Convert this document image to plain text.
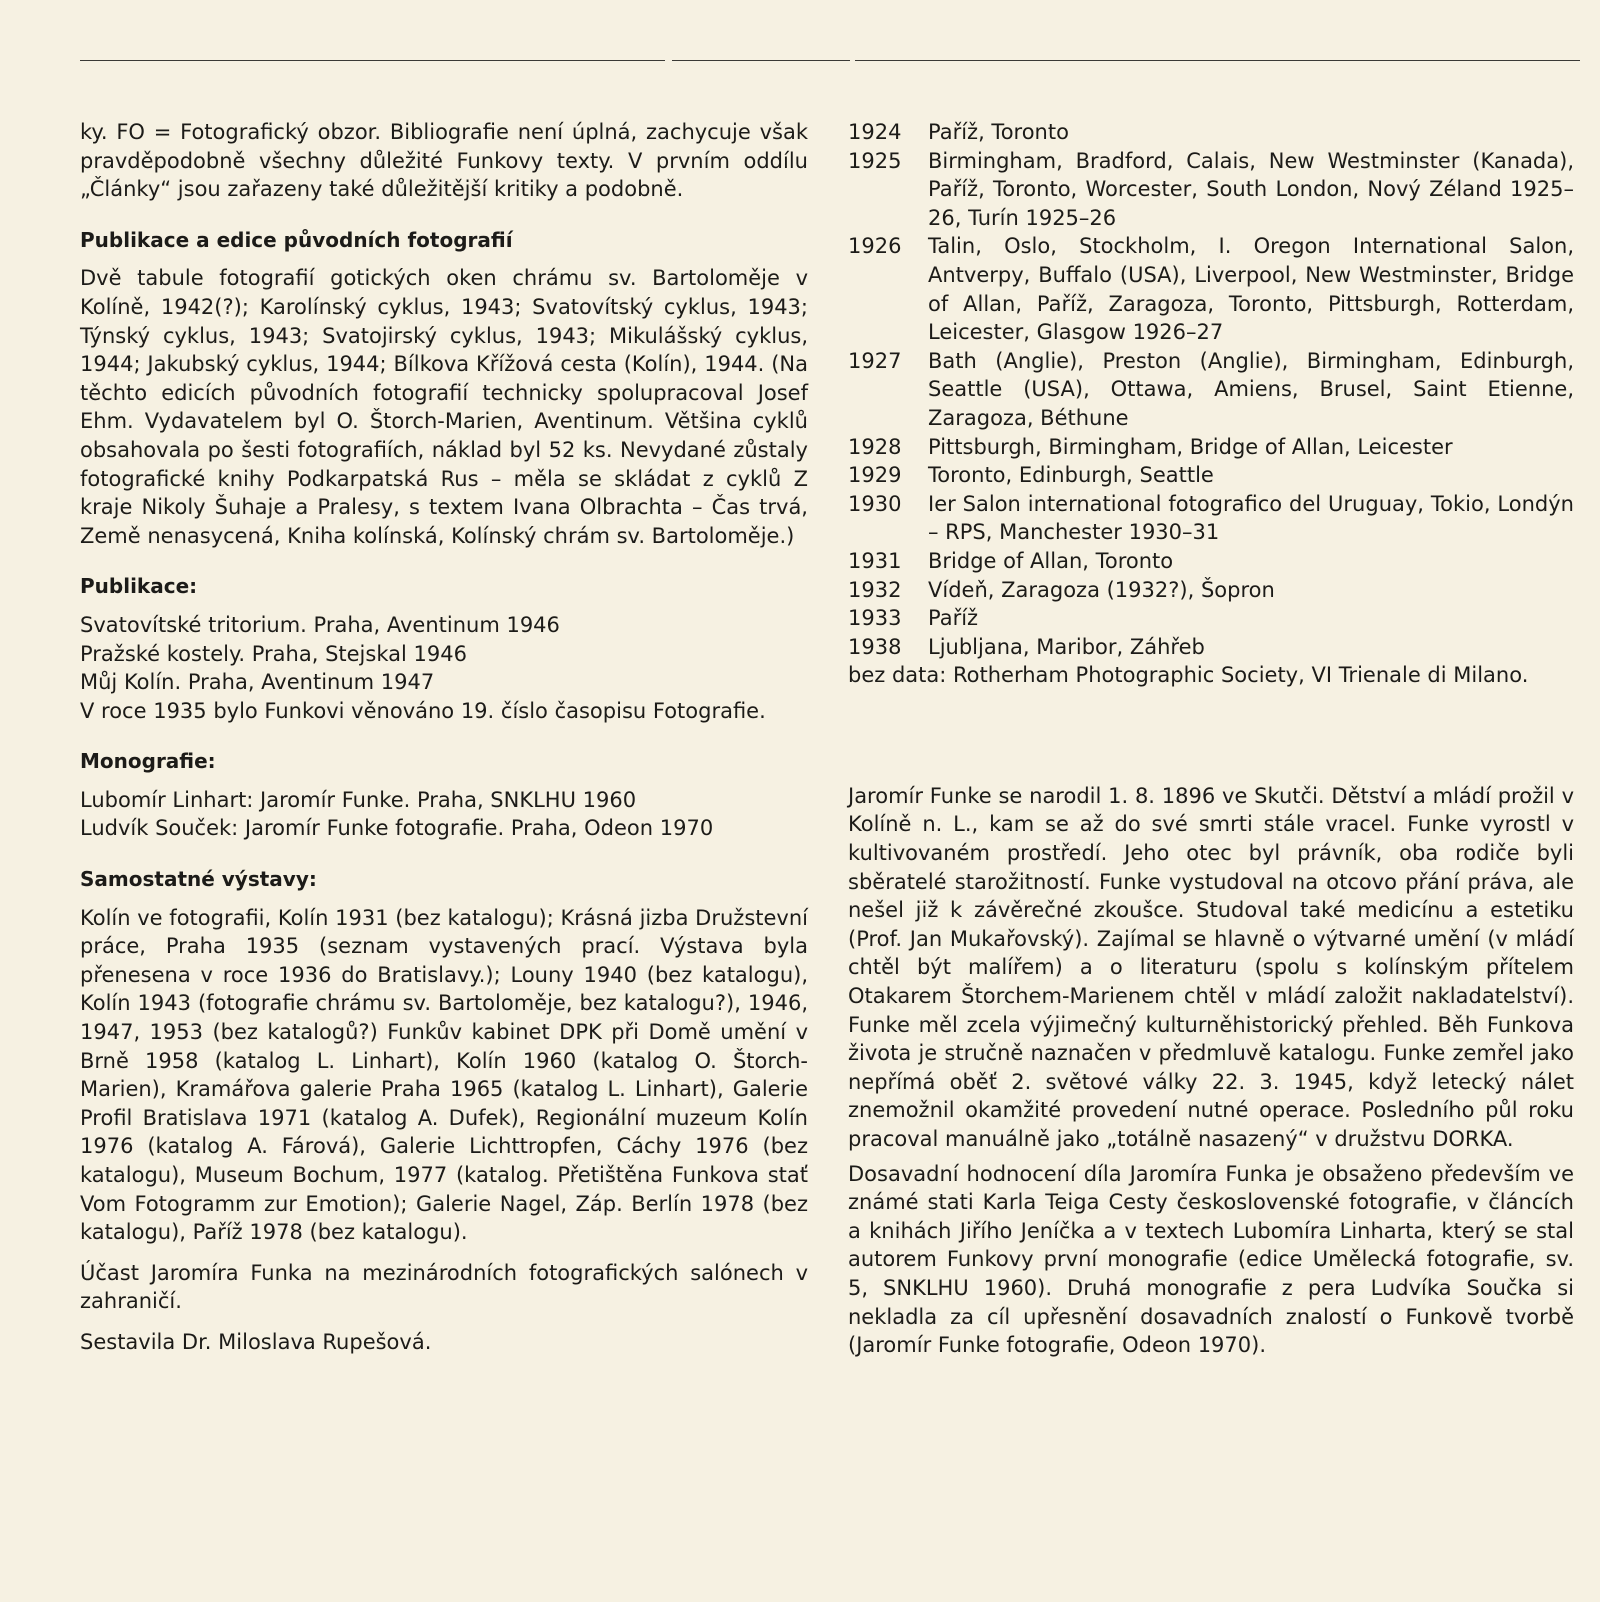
ky. FO = Fotografický obzor. Bibliografie není úplná, zachycuje však pravděpodobně všechny důležité Funkovy texty. V prvním oddílu „Články“ jsou zařazeny také důležitější kritiky a podobně.

Publikace a edice původních fotografií

Dvě tabule fotografií gotických oken chrámu sv. Bartoloměje v Kolíně, 1942(?); Karolínský cyklus, 1943; Svatovítský cyklus, 1943; Týnský cyklus, 1943; Svatojirský cyklus, 1943; Mikulášský cyklus, 1944; Jakubský cyklus, 1944; Bílkova Křížová cesta (Kolín), 1944. (Na těchto edicích původních fotografií technicky spolupracoval Josef Ehm. Vydavatelem byl O. Štorch-Marien, Aventinum. Většina cyklů obsahovala po šesti fotografiích, náklad byl 52 ks. Nevydané zůstaly fotografické knihy Podkarpatská Rus – měla se skládat z cyklů Z kraje Nikoly Šuhaje a Pralesy, s textem Ivana Olbrachta – Čas trvá, Země nenasycená, Kniha kolínská, Kolínský chrám sv. Bartoloměje.)

Publikace:
Svatovítské tritorium. Praha, Aventinum 1946
Pražské kostely. Praha, Stejskal 1946
Můj Kolín. Praha, Aventinum 1947

V roce 1935 bylo Funkovi věnováno 19. číslo časopisu Fotografie.

Monografie:
Lubomír Linhart: Jaromír Funke. Praha, SNKLHU 1960
Ludvík Souček: Jaromír Funke fotografie. Praha, Odeon 1970
Samostatné výstavy:

Kolín ve fotografii, Kolín 1931 (bez katalogu); Krásná jizba Družstevní práce, Praha 1935 (seznam vystavených prací. Výstava byla přenesena v roce 1936 do Bratislavy.); Louny 1940 (bez katalogu), Kolín 1943 (fotografie chrámu sv. Bartoloměje, bez katalogu?), 1946, 1947, 1953 (bez katalogů?) Funkův kabinet DPK při Domě umění v Brně 1958 (katalog L. Linhart), Kolín 1960 (katalog O. Štorch-Marien), Kramářova galerie Praha 1965 (katalog L. Linhart), Galerie Profil Bratislava 1971 (katalog A. Dufek), Regionální muzeum Kolín 1976 (katalog A. Fárová), Galerie Lichttropfen, Cáchy 1976 (bez katalogu), Museum Bochum, 1977 (katalog. Přetištěna Funkova stať Vom Fotogramm zur Emotion); Galerie Nagel, Záp. Berlín 1978 (bez katalogu), Paříž 1978 (bez katalogu).

Účast Jaromíra Funka na mezinárodních fotografických salónech v zahraničí.

Sestavila Dr. Miloslava Rupešová.

1924	Paříž, Toronto
1925	Birmingham, Bradford, Calais, New Westminster (Kanada), Paříž, Toronto, Worcester, South London, Nový Zéland 1925–26, Turín 1925–26
1926	Talin, Oslo, Stockholm, I. Oregon International Salon, Antverpy, Buffalo (USA), Liverpool, New Westminster, Bridge of Allan, Paříž, Zaragoza, Toronto, Pittsburgh, Rotterdam, Leicester, Glasgow 1926–27
1927	Bath (Anglie), Preston (Anglie), Birmingham, Edinburgh, Seattle (USA), Ottawa, Amiens, Brusel, Saint Etienne, Zaragoza, Béthune
1928	Pittsburgh, Birmingham, Bridge of Allan, Leicester
1929	Toronto, Edinburgh, Seattle
1930	Ier Salon international fotografico del Uruguay, Tokio, Londýn – RPS, Manchester 1930–31
1931	Bridge of Allan, Toronto
1932	Vídeň, Zaragoza (1932?), Šopron
1933	Paříž
1938	Ljubljana, Maribor, Záhřeb

bez data: Rotherham Photographic Society, VI Trienale di Milano.

Jaromír Funke se narodil 1. 8. 1896 ve Skutči. Dětství a mládí prožil v Kolíně n. L., kam se až do své smrti stále vracel. Funke vyrostl v kultivovaném prostředí. Jeho otec byl právník, oba rodiče byli sběratelé starožitností. Funke vystudoval na otcovo přání práva, ale nešel již k závěrečné zkoušce. Studoval také medicínu a estetiku (Prof. Jan Mukařovský). Zajímal se hlavně o výtvarné umění (v mládí chtěl být malířem) a o literaturu (spolu s kolínským přítelem Otakarem Štorchem-Marienem chtěl v mládí založit nakladatelství). Funke měl zcela výjimečný kulturněhistorický přehled. Běh Funkova života je stručně naznačen v předmluvě katalogu. Funke zemřel jako nepřímá oběť 2. světové války 22. 3. 1945, když letecký nálet znemožnil okamžité provedení nutné operace. Posledního půl roku pracoval manuálně jako „totálně nasazený“ v družstvu DORKA.

Dosavadní hodnocení díla Jaromíra Funka je obsaženo především ve známé stati Karla Teiga Cesty československé fotografie, v článcích a knihách Jiřího Jeníčka a v textech Lubomíra Linharta, který se stal autorem Funkovy první monografie (edice Umělecká fotografie, sv. 5, SNKLHU 1960). Druhá monografie z pera Ludvíka Součka si nekladla za cíl upřesnění dosavadních znalostí o Funkově tvorbě (Jaromír Funke fotografie, Odeon 1970).
